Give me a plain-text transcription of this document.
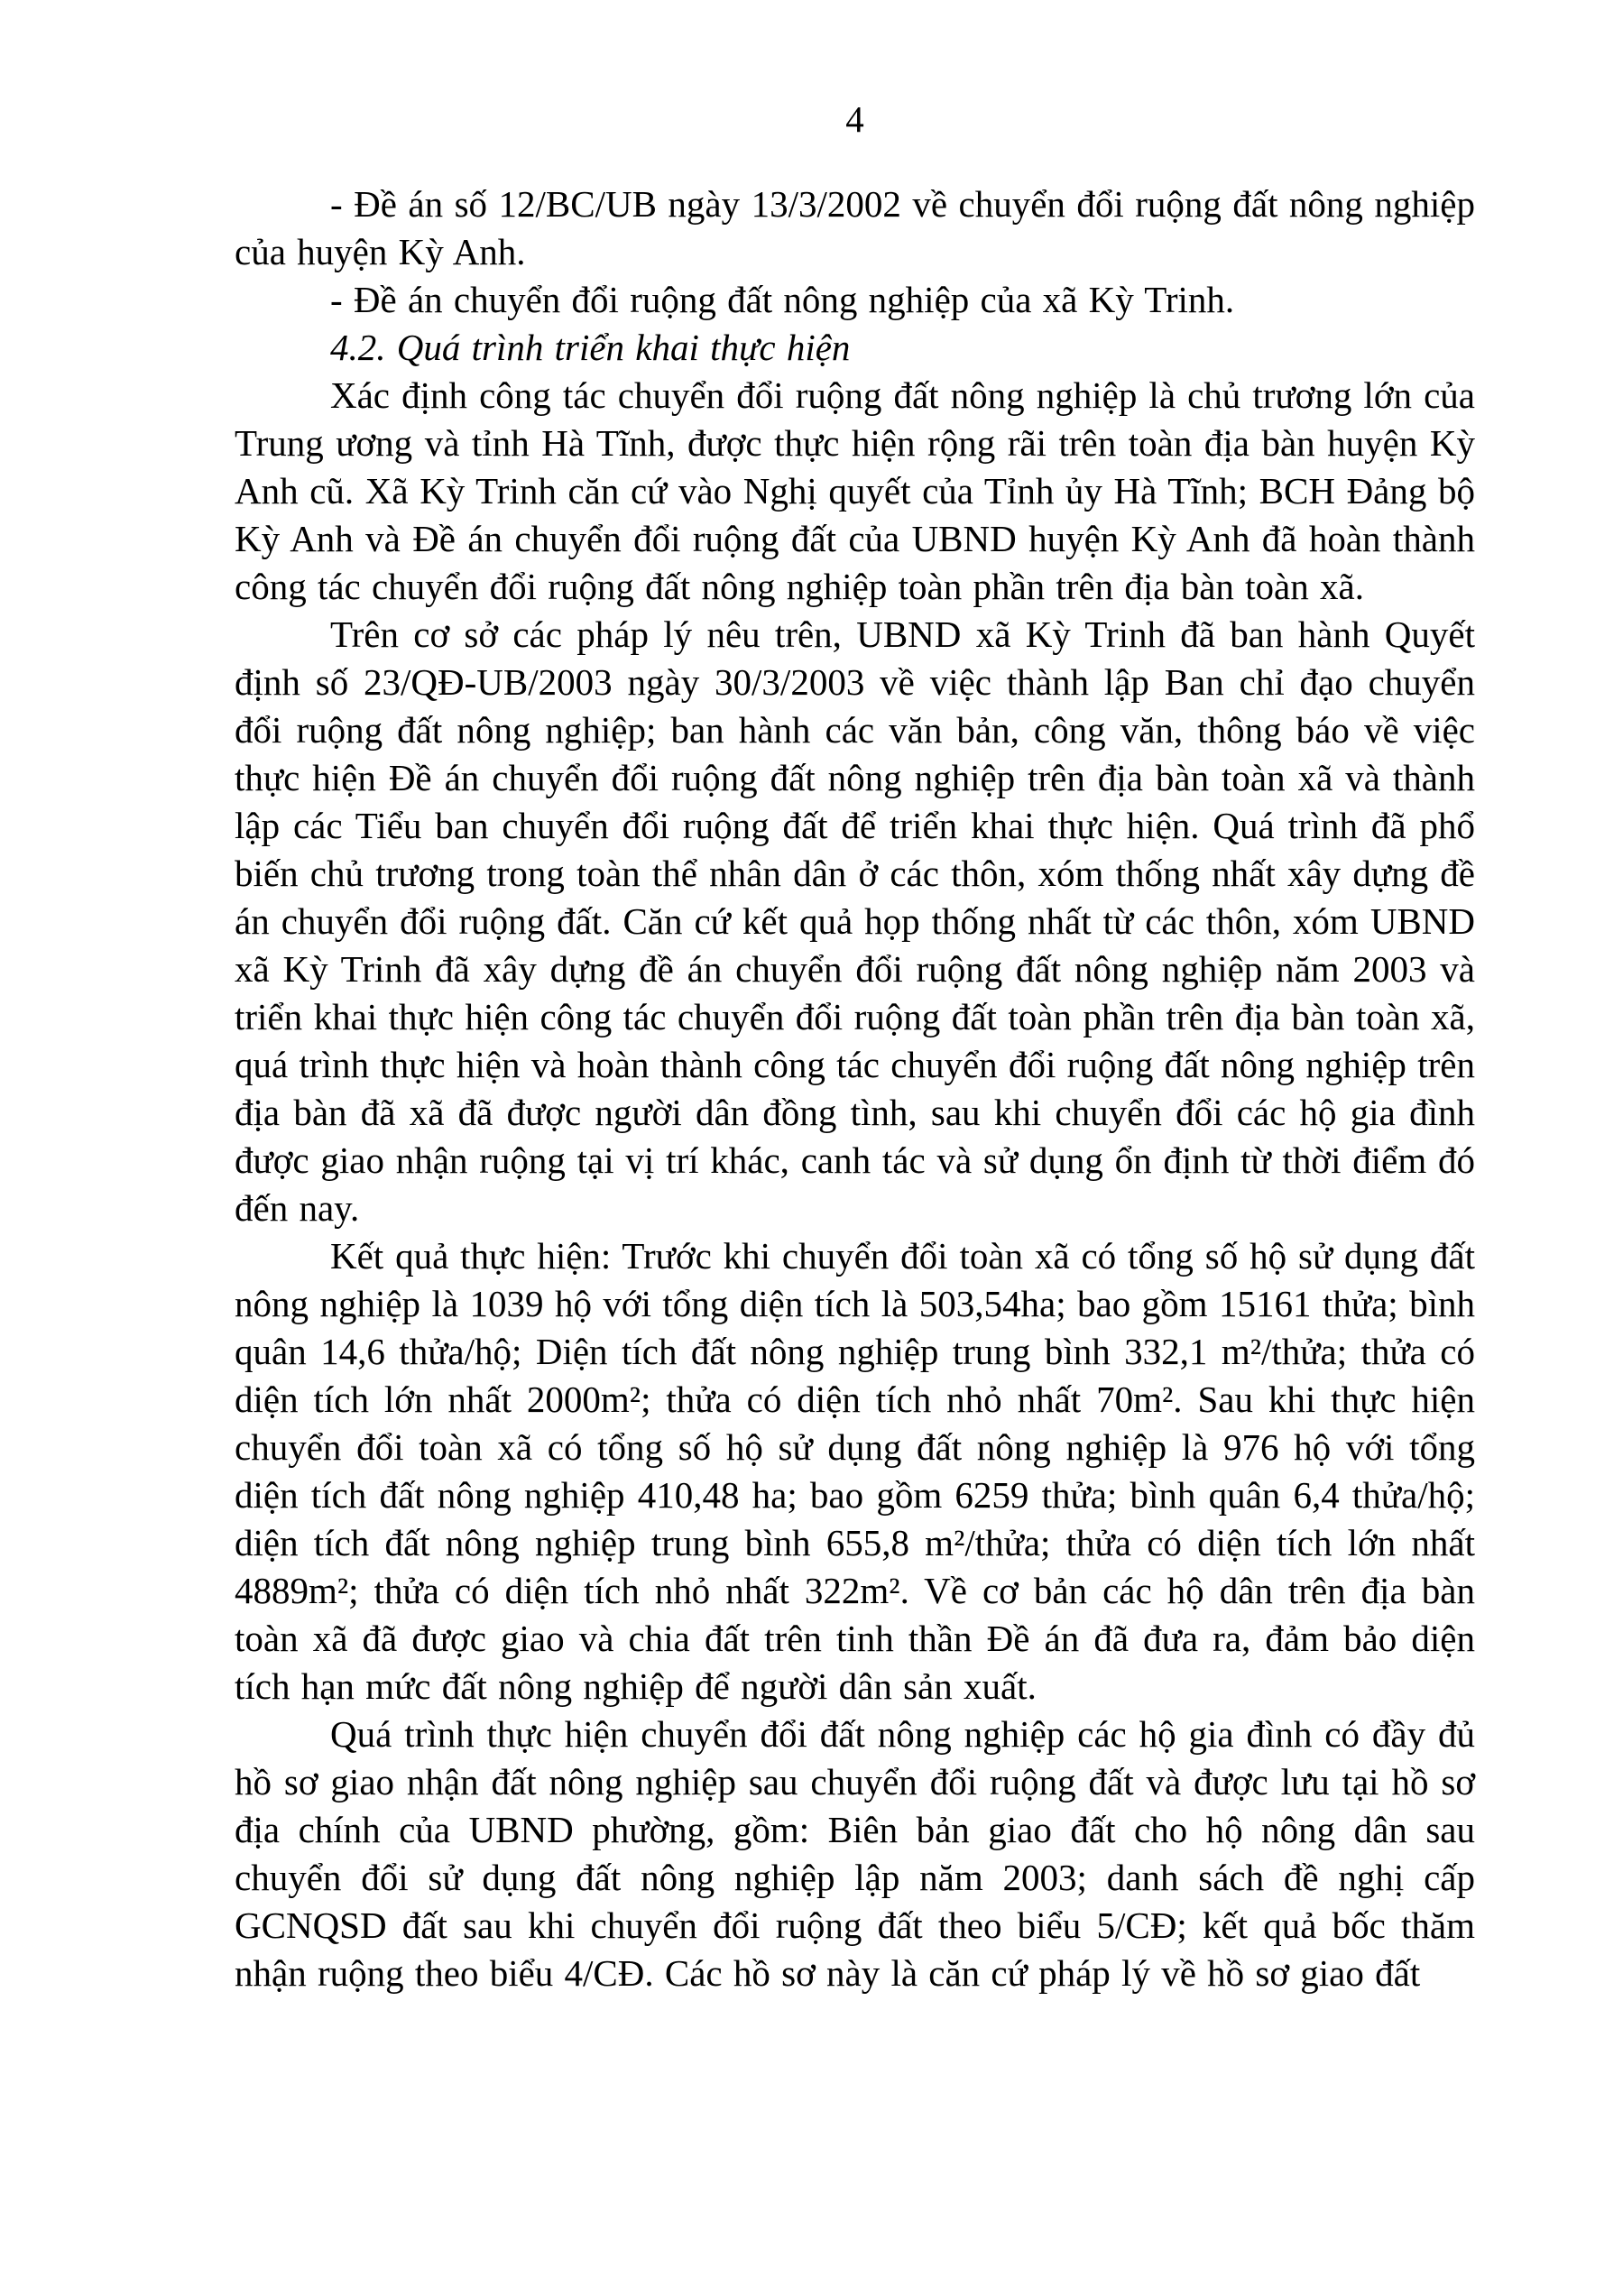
4

- Đề án số 12/BC/UB ngày 13/3/2002 về chuyển đổi ruộng đất nông nghiệp của huyện Kỳ Anh.

- Đề án chuyển đổi ruộng đất nông nghiệp của xã Kỳ Trinh.

4.2. Quá trình triển khai thực hiện

Xác định công tác chuyển đổi ruộng đất nông nghiệp là chủ trương lớn của Trung ương và tỉnh Hà Tĩnh, được thực hiện rộng rãi trên toàn địa bàn huyện Kỳ Anh cũ. Xã Kỳ Trinh căn cứ vào Nghị quyết của Tỉnh ủy Hà Tĩnh; BCH Đảng bộ Kỳ Anh và Đề án chuyển đổi ruộng đất của UBND huyện Kỳ Anh đã hoàn thành công tác chuyển đổi ruộng đất nông nghiệp toàn phần trên địa bàn toàn xã.

Trên cơ sở các pháp lý nêu trên, UBND xã Kỳ Trinh đã ban hành Quyết định số 23/QĐ-UB/2003 ngày 30/3/2003 về việc thành lập Ban chỉ đạo chuyển đổi ruộng đất nông nghiệp; ban hành các văn bản, công văn, thông báo về việc thực hiện Đề án chuyển đổi ruộng đất nông nghiệp trên địa bàn toàn xã và thành lập các Tiểu ban chuyển đổi ruộng đất để triển khai thực hiện. Quá trình đã phổ biến chủ trương trong toàn thể nhân dân ở các thôn, xóm thống nhất xây dựng đề án chuyển đổi ruộng đất. Căn cứ kết quả họp thống nhất từ các thôn, xóm UBND xã Kỳ Trinh đã xây dựng đề án chuyển đổi ruộng đất nông nghiệp năm 2003 và triển khai thực hiện công tác chuyển đổi ruộng đất toàn phần trên địa bàn toàn xã, quá trình thực hiện và hoàn thành công tác chuyển đổi ruộng đất nông nghiệp trên địa bàn đã xã đã được người dân đồng tình, sau khi chuyển đổi các hộ gia đình được giao nhận ruộng tại vị trí khác, canh tác và sử dụng ổn định từ thời điểm đó đến nay.

Kết quả thực hiện: Trước khi chuyển đổi toàn xã có tổng số hộ sử dụng đất nông nghiệp là 1039 hộ với tổng diện tích là 503,54ha; bao gồm 15161 thửa; bình quân 14,6 thửa/hộ; Diện tích đất nông nghiệp trung bình 332,1 m²/thửa; thửa có diện tích lớn nhất 2000m²; thửa có diện tích nhỏ nhất 70m². Sau khi thực hiện chuyển đổi toàn xã có tổng số hộ sử dụng đất nông nghiệp là 976 hộ với tổng diện tích đất nông nghiệp 410,48 ha; bao gồm 6259 thửa; bình quân 6,4 thửa/hộ; diện tích đất nông nghiệp trung bình 655,8 m²/thửa; thửa có diện tích lớn nhất 4889m²; thửa có diện tích nhỏ nhất 322m². Về cơ bản các hộ dân trên địa bàn toàn xã đã được giao và chia đất trên tinh thần Đề án đã đưa ra, đảm bảo diện tích hạn mức đất nông nghiệp để người dân sản xuất.

Quá trình thực hiện chuyển đổi đất nông nghiệp các hộ gia đình có đầy đủ hồ sơ giao nhận đất nông nghiệp sau chuyển đổi ruộng đất và được lưu tại hồ sơ địa chính của UBND phường, gồm: Biên bản giao đất cho hộ nông dân sau chuyển đổi sử dụng đất nông nghiệp lập năm 2003; danh sách đề nghị cấp GCNQSD đất sau khi chuyển đổi ruộng đất theo biểu 5/CĐ; kết quả bốc thăm nhận ruộng theo biểu 4/CĐ. Các hồ sơ này là căn cứ pháp lý về hồ sơ giao đất
